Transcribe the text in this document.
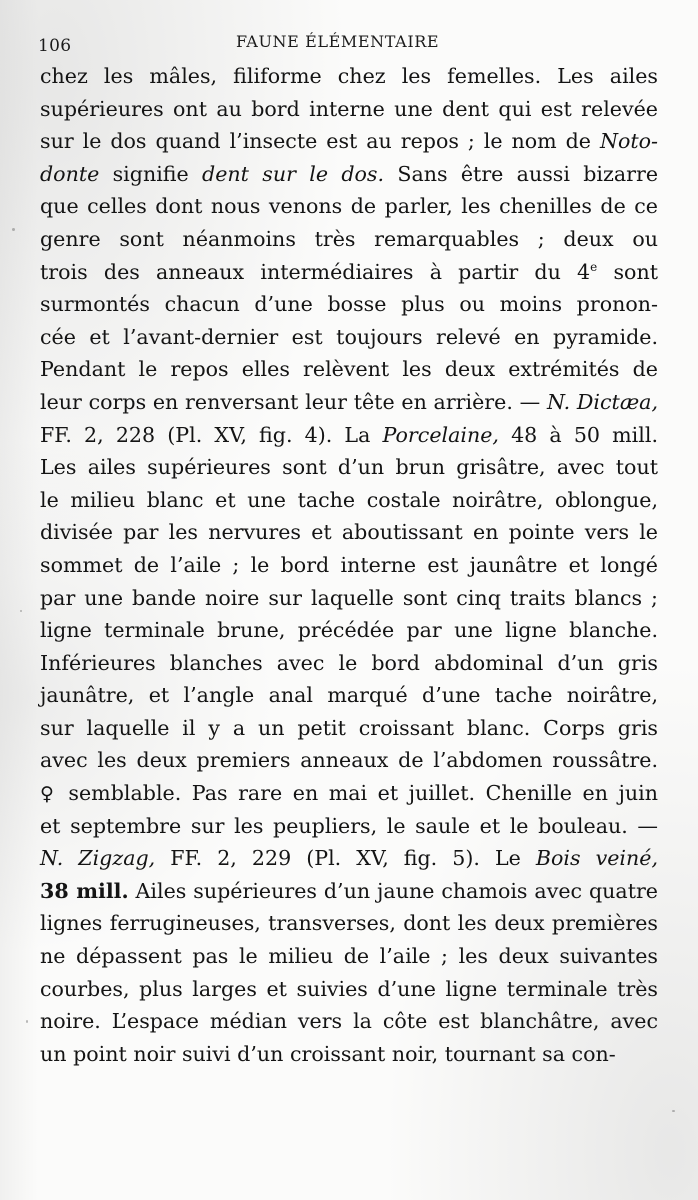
106	FAUNE ÉLÉMENTAIRE
chez les mâles, filiforme chez les femelles. Les ailes
supérieures ont au bord interne une dent qui est relevée
sur le dos quand l’insecte est au repos ; le nom de Noto-
donte signifie dent sur le dos. Sans être aussi bizarre
que celles dont nous venons de parler, les chenilles de ce
genre sont néanmoins très remarquables ; deux ou
trois des anneaux intermédiaires à partir du 4e sont
surmontés chacun d’une bosse plus ou moins pronon-
cée et l’avant-dernier est toujours relevé en pyramide.
Pendant le repos elles relèvent les deux extrémités de
leur corps en renversant leur tête en arrière. — N. Dictæa,
FF. 2, 228 (Pl. XV, fig. 4). La Porcelaine, 48 à 50 mill.
Les ailes supérieures sont d’un brun grisâtre, avec tout
le milieu blanc et une tache costale noirâtre, oblongue,
divisée par les nervures et aboutissant en pointe vers le
sommet de l’aile ; le bord interne est jaunâtre et longé
par une bande noire sur laquelle sont cinq traits blancs ;
ligne terminale brune, précédée par une ligne blanche.
Inférieures blanches avec le bord abdominal d’un gris
jaunâtre, et l’angle anal marqué d’une tache noirâtre,
sur laquelle il y a un petit croissant blanc. Corps gris
avec les deux premiers anneaux de l’abdomen roussâtre.
♀ semblable. Pas rare en mai et juillet. Chenille en juin
et septembre sur les peupliers, le saule et le bouleau. —
N. Zigzag, FF. 2, 229 (Pl. XV, fig. 5). Le Bois veiné,
38 mill. Ailes supérieures d’un jaune chamois avec quatre
lignes ferrugineuses, transverses, dont les deux premières
ne dépassent pas le milieu de l’aile ; les deux suivantes
courbes, plus larges et suivies d’une ligne terminale très
noire. L’espace médian vers la côte est blanchâtre, avec
un point noir suivi d’un croissant noir, tournant sa con-
